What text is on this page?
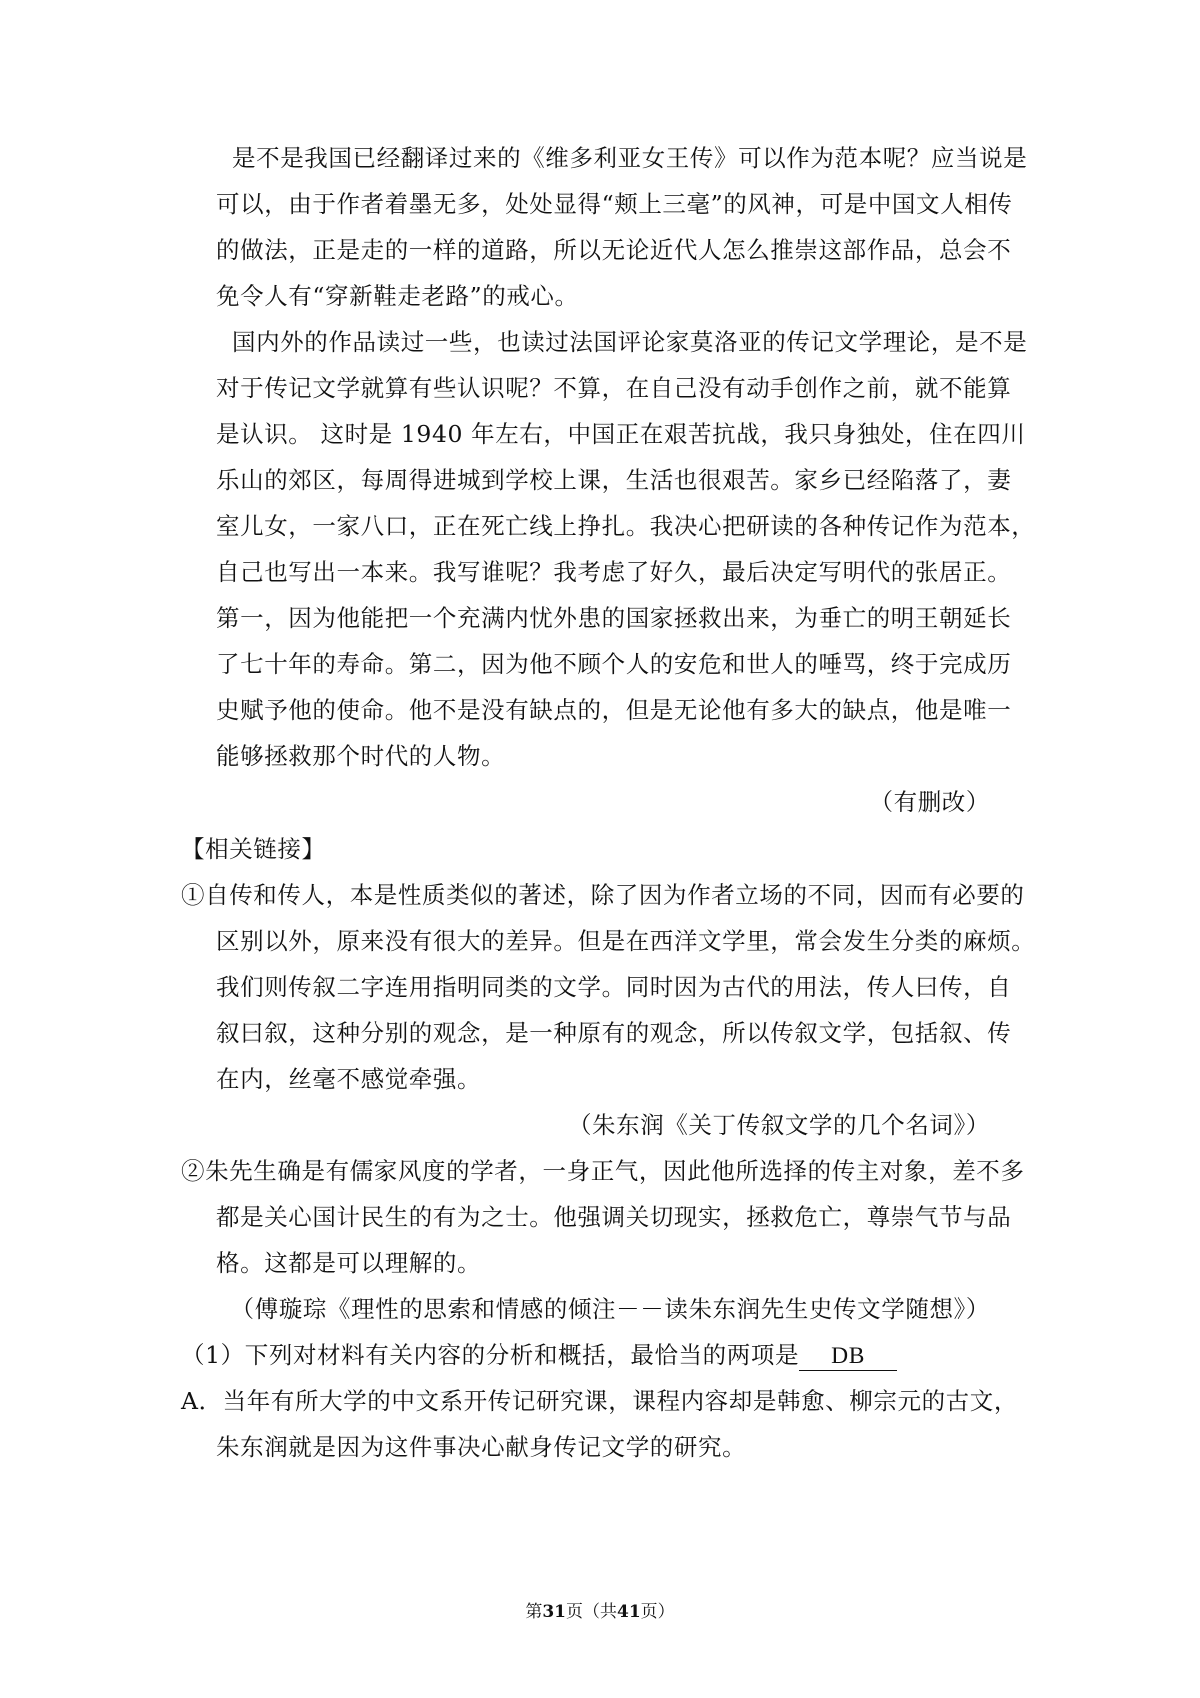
是不是我国已经翻译过来的《维多利亚女王传》可以作为范本呢？应当说是
可以，由于作者着墨无多，处处显得“颊上三毫”的风神，可是中国文人相传
的做法，正是走的一样的道路，所以无论近代人怎么推崇这部作品，总会不
免令人有“穿新鞋走老路”的戒心。
国内外的作品读过一些，也读过法国评论家莫洛亚的传记文学理论，是不是
对于传记文学就算有些认识呢？不算，在自己没有动手创作之前，就不能算
是认识。 这时是 1940 年左右，中国正在艰苦抗战，我只身独处，住在四川
乐山的郊区，每周得进城到学校上课，生活也很艰苦。家乡已经陷落了，妻
室儿女，一家八口，正在死亡线上挣扎。我决心把研读的各种传记作为范本，
自己也写出一本来。我写谁呢？我考虑了好久，最后决定写明代的张居正。
第一，因为他能把一个充满内忧外患的国家拯救出来，为垂亡的明王朝延长
了七十年的寿命。第二，因为他不顾个人的安危和世人的唾骂，终于完成历
史赋予他的使命。他不是没有缺点的，但是无论他有多大的缺点，他是唯一
能够拯救那个时代的人物。
（有删改）
【相关链接】
①自传和传人，本是性质类似的著述，除了因为作者立场的不同，因而有必要的
区别以外，原来没有很大的差异。但是在西洋文学里，常会发生分类的麻烦。
我们则传叙二字连用指明同类的文学。同时因为古代的用法，传人曰传，自
叙曰叙，这种分别的观念，是一种原有的观念，所以传叙文学，包括叙、传
在内，丝毫不感觉牵强。
（朱东润《关丁传叙文学的几个名词》）
②朱先生确是有儒家风度的学者，一身正气，因此他所选择的传主对象，差不多
都是关心国计民生的有为之士。他强调关切现实，拯救危亡，尊崇气节与品
格。这都是可以理解的。
（傅璇琮《理性的思索和情感的倾注－－读朱东润先生史传文学随想》）
（1）下列对材料有关内容的分析和概括，最恰当的两项是 DB
A．当年有所大学的中文系开传记研究课，课程内容却是韩愈、柳宗元的古文，
朱东润就是因为这件事决心献身传记文学的研究。
第31页（共41页）
